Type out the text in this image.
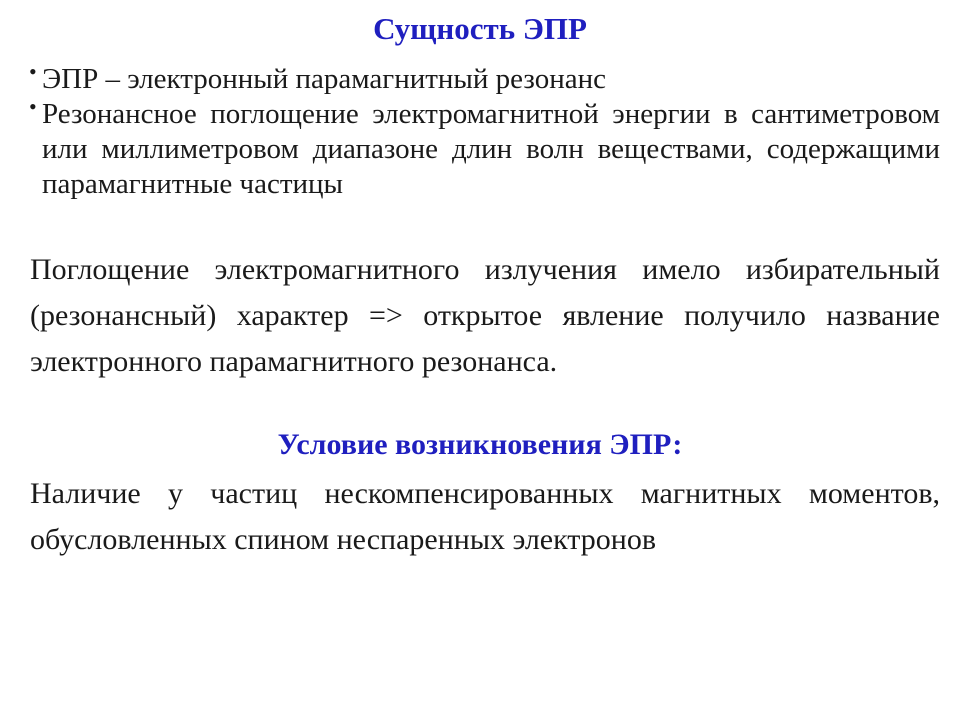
Сущность ЭПР
• ЭПР – электронный парамагнитный резонанс
• Резонансное поглощение электромагнитной энергии в сантиметровом или миллиметровом диапазоне длин волн веществами, содержащими парамагнитные частицы

Поглощение электромагнитного излучения имело избирательный (резонансный) характер => открытое явление получило название электронного парамагнитного резонанса.

Условие возникновения ЭПР:

Наличие у частиц нескомпенсированных магнитных моментов, обусловленных спином неспаренных электронов
